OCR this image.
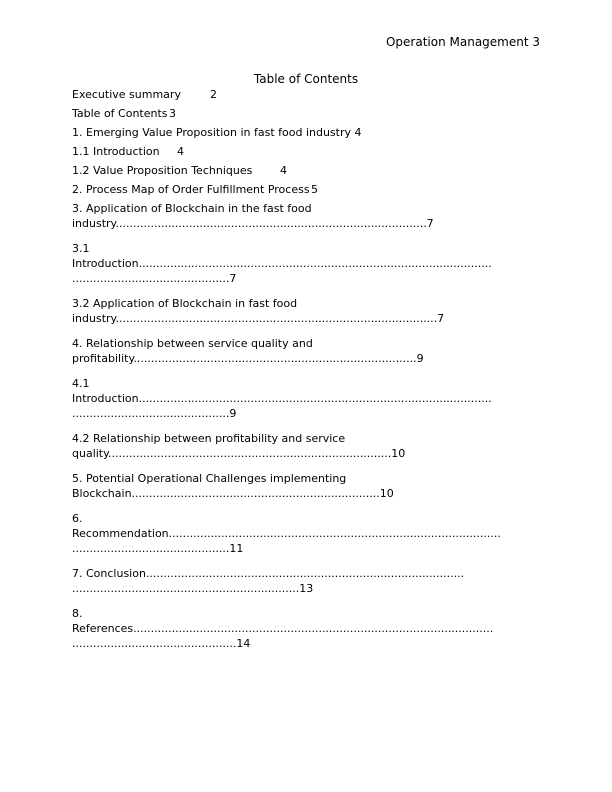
Operation Management 3
Table of Contents

Executive summary	2

Table of Contents3

1. Emerging Value Proposition in fast food industry 4

1.1 Introduction 4

1.2 Value Proposition Techniques	4

2. Process Map of Order Fulfillment Process5

3. Application of Blockchain in the fast food
industry.........................................................................................7
3.1
Introduction.....................................................................................................
.............................................7
3.2 Application of Blockchain in fast food
industry............................................................................................7
4. Relationship between service quality and
profitability.................................................................................9
4.1
Introduction.....................................................................................................
.............................................9
4.2 Relationship between profitability and service
quality.................................................................................10
5. Potential Operational Challenges implementing
Blockchain.......................................................................10
6.
Recommendation...............................................................................................
.............................................11
7. Conclusion...........................................................................................
.................................................................13
8.
References.......................................................................................................
...............................................14
